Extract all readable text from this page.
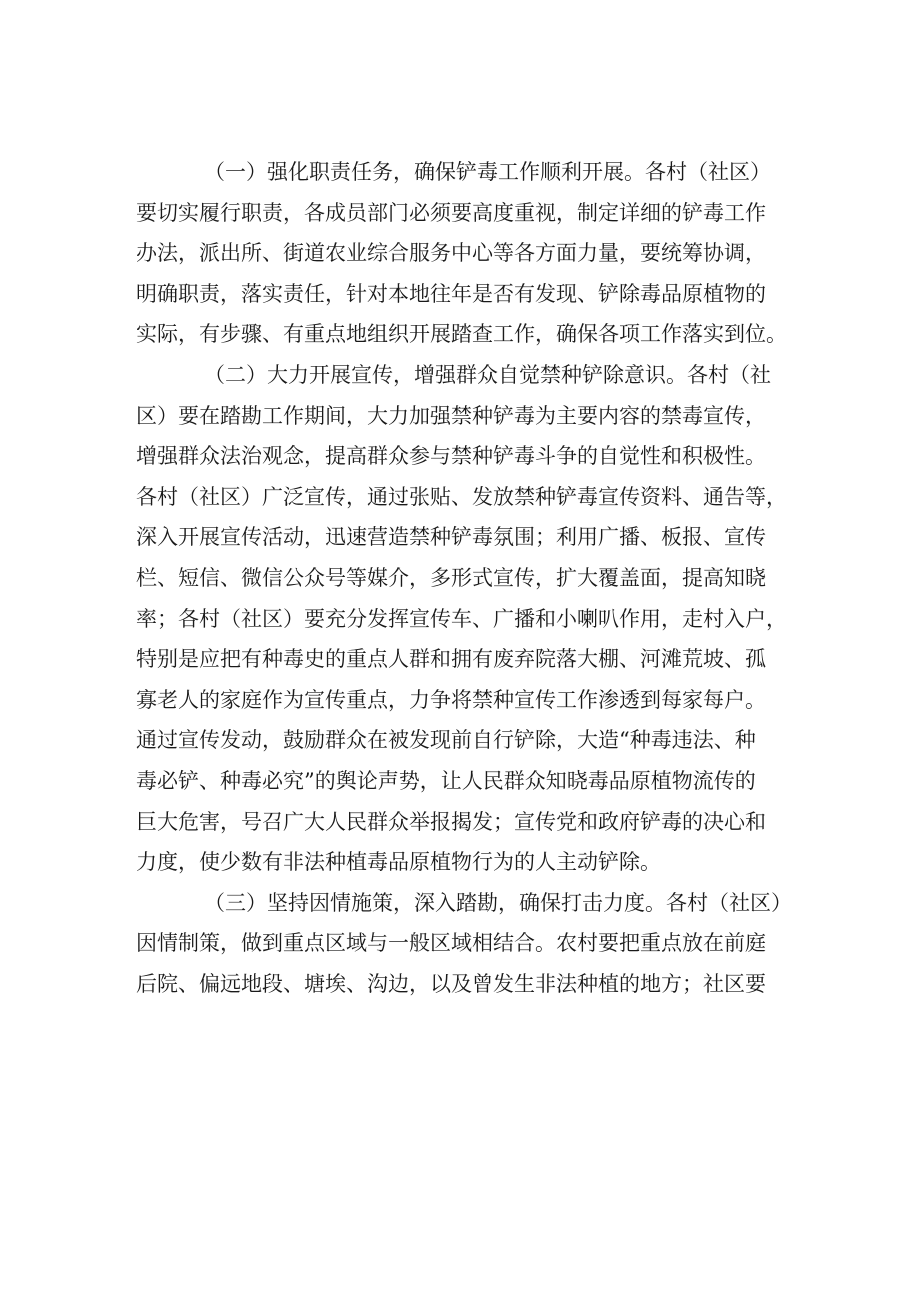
（一）强化职责任务，确保铲毒工作顺利开展。各村（社区）
要切实履行职责，各成员部门必须要高度重视，制定详细的铲毒工作
办法，派出所、街道农业综合服务中心等各方面力量，要统筹协调，
明确职责，落实责任，针对本地往年是否有发现、铲除毒品原植物的
实际，有步骤、有重点地组织开展踏查工作，确保各项工作落实到位。
（二）大力开展宣传，增强群众自觉禁种铲除意识。各村（社
区）要在踏勘工作期间，大力加强禁种铲毒为主要内容的禁毒宣传，
增强群众法治观念，提高群众参与禁种铲毒斗争的自觉性和积极性。
各村（社区）广泛宣传，通过张贴、发放禁种铲毒宣传资料、通告等，
深入开展宣传活动，迅速营造禁种铲毒氛围；利用广播、板报、宣传
栏、短信、微信公众号等媒介，多形式宣传，扩大覆盖面，提高知晓
率；各村（社区）要充分发挥宣传车、广播和小喇叭作用，走村入户，
特别是应把有种毒史的重点人群和拥有废弃院落大棚、河滩荒坡、孤
寡老人的家庭作为宣传重点，力争将禁种宣传工作渗透到每家每户。
通过宣传发动，鼓励群众在被发现前自行铲除，大造“种毒违法、种
毒必铲、种毒必究”的舆论声势，让人民群众知晓毒品原植物流传的
巨大危害，号召广大人民群众举报揭发；宣传党和政府铲毒的决心和
力度，使少数有非法种植毒品原植物行为的人主动铲除。
（三）坚持因情施策，深入踏勘，确保打击力度。各村（社区）
因情制策，做到重点区域与一般区域相结合。农村要把重点放在前庭
后院、偏远地段、塘埃、沟边，以及曾发生非法种植的地方；社区要
